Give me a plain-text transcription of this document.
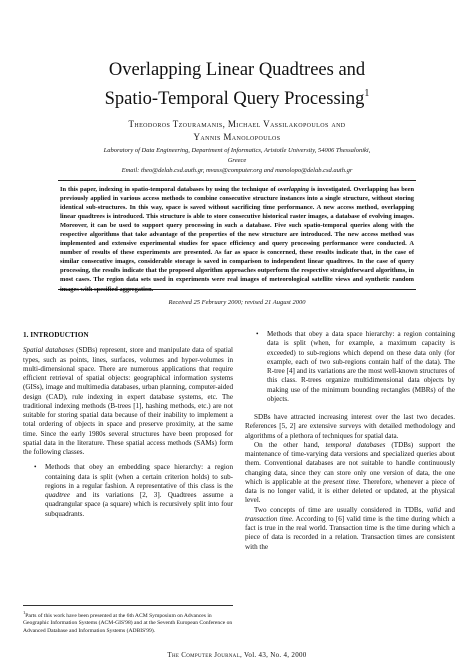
Overlapping Linear Quadtrees and
Spatio-Temporal Query Processing$^1$
Theodoros Tzouramanis, Michael Vassilakopoulos and
Yannis Manolopoulos
Laboratory of Data Engineering, Department of Informatics, Aristotle University, 54006 Thessaloniki,
Greece
Email: theo@delab.csd.auth.gr, mvass@computer.org and manolopo@delab.csd.auth.gr

In this paper, indexing in spatio-temporal databases by using the technique of overlapping is investigated. Overlapping has been previously applied in various access methods to combine consecutive structure instances into a single structure, without storing identical sub-structures. In this way, space is saved without sacrificing time performance. A new access method, overlapping linear quadtrees is introduced. This structure is able to store consecutive historical raster images, a database of evolving images. Moreover, it can be used to support query processing in such a database. Five such spatio-temporal queries along with the respective algorithms that take advantage of the properties of the new structure are introduced. The new access method was implemented and extensive experimental studies for space efficiency and query processing performance were conducted. A number of results of these experiments are presented. As far as space is concerned, these results indicate that, in the case of similar consecutive images, considerable storage is saved in comparison to independent linear quadtrees. In the case of query processing, the results indicate that the proposed algorithm approaches outperform the respective straightforward algorithms, in most cases. The region data sets used in experiments were real images of meteorological satellite views and synthetic random images with specified aggregation.

Received 25 February 2000; revised 21 August 2000
1. INTRODUCTION

Spatial databases (SDBs) represent, store and manipulate data of spatial types, such as points, lines, surfaces, volumes and hyper-volumes in multi-dimensional space. There are numerous applications that require efficient retrieval of spatial objects: geographical information systems (GISs), image and multimedia databases, urban planning, computer-aided design (CAD), rule indexing in expert database systems, etc. The traditional indexing methods (B-trees [1], hashing methods, etc.) are not suitable for storing spatial data because of their inability to implement a total ordering of objects in space and preserve proximity, at the same time. Since the early 1980s several structures have been proposed for spatial data in the literature. These spatial access methods (SAMs) form the following classes.

• Methods that obey an embedding space hierarchy: a region containing data is split (when a certain criterion holds) to sub-regions in a regular fashion. A representative of this class is the quadtree and its variations [2, 3]. Quadtrees assume a quadrangular space (a square) which is recursively split into four subquadrants.
$^1$Parts of this work have been presented at the 6th ACM Symposium on Advances in Geographic Information Systems (ACM-GIS'98) and at the Seventh European Conference on Advanced Database and Information Systems (ADBIS'99).
• Methods that obey a data space hierarchy: a region containing data is split (when, for example, a maximum capacity is exceeded) to sub-regions which depend on these data only (for example, each of two sub-regions contain half of the data). The R-tree [4] and its variations are the most well-known structures of this class. R-trees organize multidimensional data objects by making use of the minimum bounding rectangles (MBRs) of the objects.

SDBs have attracted increasing interest over the last two decades. References [5, 2] are extensive surveys with detailed methodology and algorithms of a plethora of techniques for spatial data.

On the other hand, temporal databases (TDBs) support the maintenance of time-varying data versions and specialized queries about them. Conventional databases are not suitable to handle continuously changing data, since they can store only one version of data, the one which is applicable at the present time. Therefore, whenever a piece of data is no longer valid, it is either deleted or updated, at the physical level.

Two concepts of time are usually considered in TDBs, valid and transaction time. According to [6] valid time is the time during which a fact is true in the real world. Transaction time is the time during which a piece of data is recorded in a relation. Transaction times are consistent with the

The Computer Journal, Vol. 43, No. 4, 2000
